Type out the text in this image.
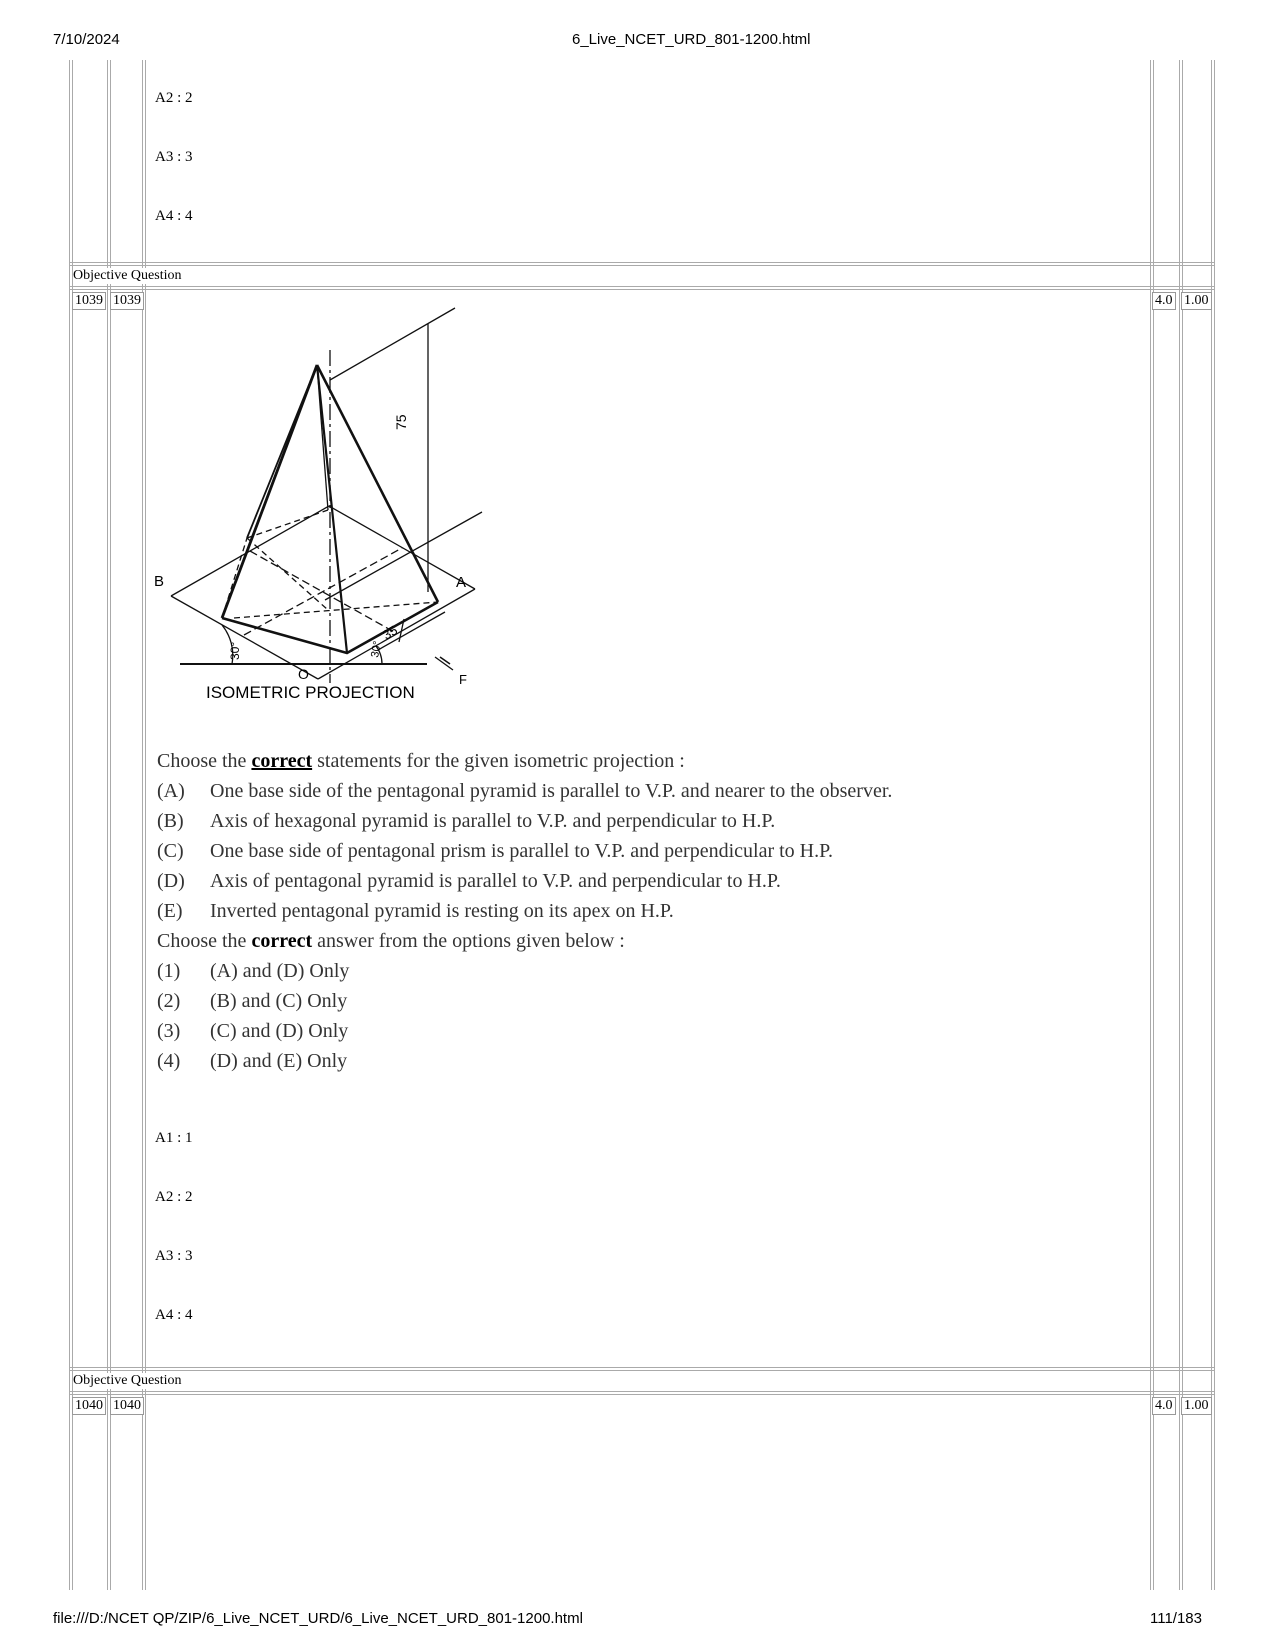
7/10/2024	6_Live_NCET_URD_801-1200.html
A2 : 2
A3 : 3
A4 : 4
Objective Question
1039 1039	4.0 1.00
B	A
O	F
75
35
30°	30°
ISOMETRIC PROJECTION
Choose the correct statements for the given isometric projection :
(A) One base side of the pentagonal pyramid is parallel to V.P. and nearer to the observer.
(B) Axis of hexagonal pyramid is parallel to V.P. and perpendicular to H.P.
(C) One base side of pentagonal prism is parallel to V.P. and perpendicular to H.P.
(D) Axis of pentagonal pyramid is parallel to V.P. and perpendicular to H.P.
(E) Inverted pentagonal pyramid is resting on its apex on H.P.
Choose the correct answer from the options given below :
(1) (A) and (D) Only
(2) (B) and (C) Only
(3) (C) and (D) Only
(4) (D) and (E) Only
A1 : 1
A2 : 2
A3 : 3
A4 : 4
Objective Question
1040 1040	4.0 1.00
file:///D:/NCET QP/ZIP/6_Live_NCET_URD/6_Live_NCET_URD_801-1200.html	111/183
